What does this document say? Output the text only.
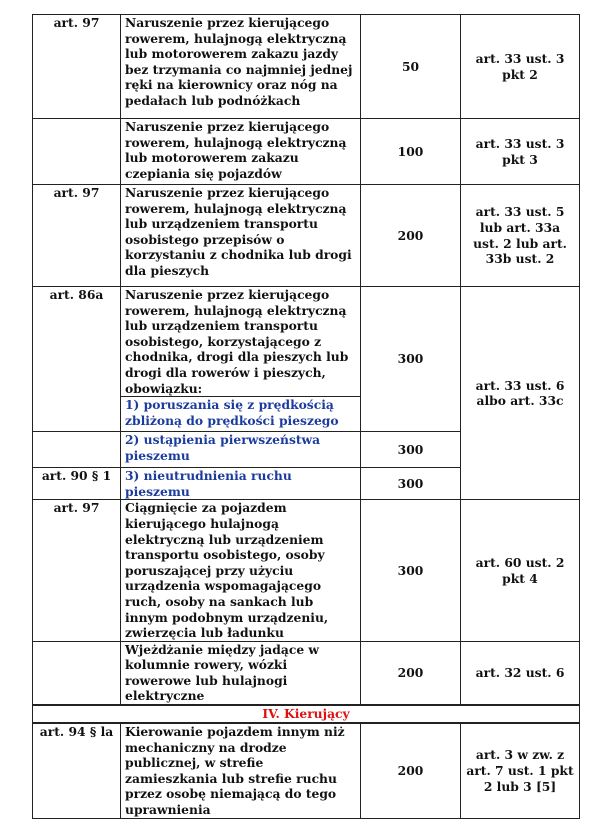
art. 97	Naruszenie przez kierującego rowerem, hulajnogą elektryczną lub motorowerem zakazu jazdy bez trzymania co najmniej jednej ręki na kierownicy oraz nóg na pedałach lub podnóżkach	50	art. 33 ust. 3 pkt 2
	Naruszenie przez kierującego rowerem, hulajnogą elektryczną lub motorowerem zakazu czepiania się pojazdów	100	art. 33 ust. 3 pkt 3
art. 97	Naruszenie przez kierującego rowerem, hulajnogą elektryczną lub urządzeniem transportu osobistego przepisów o korzystaniu z chodnika lub drogi dla pieszych	200	art. 33 ust. 5 lub art. 33a ust. 2 lub art. 33b ust. 2
art. 86a	Naruszenie przez kierującego rowerem, hulajnogą elektryczną lub urządzeniem transportu osobistego, korzystającego z chodnika, drogi dla pieszych lub drogi dla rowerów i pieszych, obowiązku:	300	art. 33 ust. 6 albo art. 33c
	1) poruszania się z prędkością zbliżoną do prędkości pieszego		
	2) ustąpienia pierwszeństwa pieszemu	300	
art. 90 § 1	3) nieutrudnienia ruchu pieszemu	300	
art. 97	Ciągnięcie za pojazdem kierującego hulajnogą elektryczną lub urządzeniem transportu osobistego, osoby poruszającej przy użyciu urządzenia wspomagającego ruch, osoby na sankach lub innym podobnym urządzeniu, zwierzęcia lub ładunku	300	art. 60 ust. 2 pkt 4
	Wjeżdżanie między jadące w kolumnie rowery, wózki rowerowe lub hulajnogi elektryczne	200	art. 32 ust. 6
IV. Kierujący			
art. 94 § la	Kierowanie pojazdem innym niż mechaniczny na drodze publicznej, w strefie zamieszkania lub strefie ruchu przez osobę niemającą do tego uprawnienia	200	art. 3 w zw. z art. 7 ust. 1 pkt 2 lub 3 [5]
